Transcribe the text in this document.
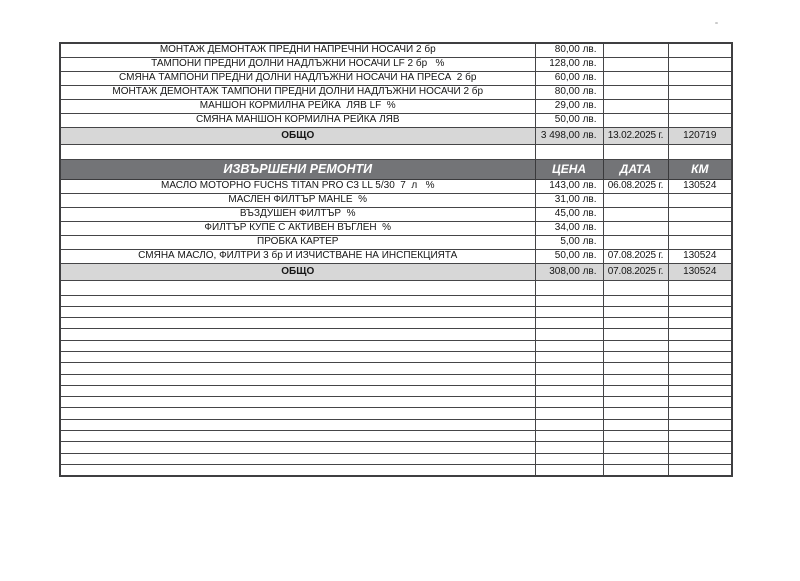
МОНТАЖ ДЕМОНТАЖ ПРЕДНИ НАПРЕЧНИ НОСАЧИ 2 бр	80,00 лв.		
ТАМПОНИ ПРЕДНИ ДОЛНИ НАДЛЪЖНИ НОСАЧИ LF 2 бр   %	128,00 лв.		
СМЯНА ТАМПОНИ ПРЕДНИ ДОЛНИ НАДЛЪЖНИ НОСАЧИ НА ПРЕСА  2 бр	60,00 лв.		
МОНТАЖ ДЕМОНТАЖ ТАМПОНИ ПРЕДНИ ДОЛНИ НАДЛЪЖНИ НОСАЧИ 2 бр	80,00 лв.		
МАНШОН КОРМИЛНА РЕЙКА  ЛЯВ LF  %	29,00 лв.		
СМЯНА МАНШОН КОРМИЛНА РЕЙКА ЛЯВ	50,00 лв.		
ОБЩО	3 498,00 лв.	13.02.2025 г.	120719

ИЗВЪРШЕНИ РЕМОНТИ	ЦЕНА	ДАТА	КМ
МАСЛО МОТОРНО FUCHS TITAN PRO C3 LL 5/30  7  л   %	143,00 лв.	06.08.2025 г.	130524
МАСЛЕН ФИЛТЪР MAHLE  %	31,00 лв.		
ВЪЗДУШЕН ФИЛТЪР  %	45,00 лв.		
ФИЛТЪР КУПЕ С АКТИВЕН ВЪГЛЕН  %	34,00 лв.		
ПРОБКА КАРТЕР	5,00 лв.		
СМЯНА МАСЛО, ФИЛТРИ 3 бр И ИЗЧИСТВАНЕ НА ИНСПЕКЦИЯТА	50,00 лв.	07.08.2025 г.	130524
ОБЩО	308,00 лв.	07.08.2025 г.	130524
